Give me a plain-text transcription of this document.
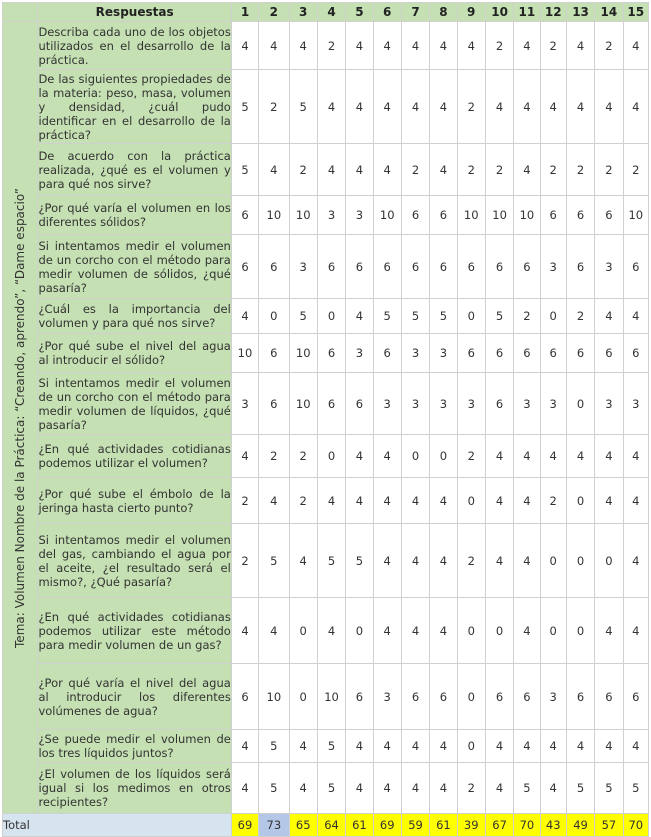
	Respuestas	1	2	3	4	5	6	7	8	9	10	11	12	13	14	15

Tema: Volumen Nombre de la Práctica: “Creando, aprendo”, “Dame espacio”	Describa cada uno de los objetos utilizados en el desarrollo de la práctica.	4	4	4	2	4	4	4	4	4	2	4	2	4	2	4
	De las siguientes propiedades de la materia: peso, masa, volumen y densidad, ¿cuál pudo identificar en el desarrollo de la práctica?	5	2	5	4	4	4	4	4	2	4	4	4	4	4	4
	De acuerdo con la práctica realizada, ¿qué es el volumen y para qué nos sirve?	5	4	2	4	4	4	2	4	2	2	4	2	2	2	2
	¿Por qué varía el volumen en los diferentes sólidos?	6	10	10	3	3	10	6	6	10	10	10	6	6	6	10
	Si intentamos medir el volumen de un corcho con el método para medir volumen de sólidos, ¿qué pasaría?	6	6	3	6	6	6	6	6	6	6	6	3	6	3	6
	¿Cuál es la importancia del volumen y para qué nos sirve?	4	0	5	0	4	5	5	5	0	5	2	0	2	4	4
	¿Por qué sube el nivel del agua al introducir el sólido?	10	6	10	6	3	6	3	3	6	6	6	6	6	6	6
	Si intentamos medir el volumen de un corcho con el método para medir volumen de líquidos, ¿qué pasaría?	3	6	10	6	6	3	3	3	3	6	3	3	0	3	3
	¿En qué actividades cotidianas podemos utilizar el volumen?	4	2	2	0	4	4	0	0	2	4	4	4	4	4	4
	¿Por qué sube el émbolo de la jeringa hasta cierto punto?	2	4	2	4	4	4	4	4	0	4	4	2	0	4	4
	Si intentamos medir el volumen del gas, cambiando el agua por el aceite, ¿el resultado será el mismo?, ¿Qué pasaría?	2	5	4	5	5	4	4	4	2	4	4	0	0	0	4
	¿En qué actividades cotidianas podemos utilizar este método para medir volumen de un gas?	4	4	0	4	0	4	4	4	0	0	4	0	0	4	4
	¿Por qué varía el nivel del agua al introducir los diferentes volúmenes de agua?	6	10	0	10	6	3	6	6	0	6	6	3	6	6	6
	¿Se puede medir el volumen de los tres líquidos juntos?	4	5	4	5	4	4	4	4	0	4	4	4	4	4	4
	¿El volumen de los líquidos será igual si los medimos en otros recipientes?	4	5	4	5	4	4	4	4	2	4	5	4	5	5	5
Total		69	73	65	64	61	69	59	61	39	67	70	43	49	57	70
